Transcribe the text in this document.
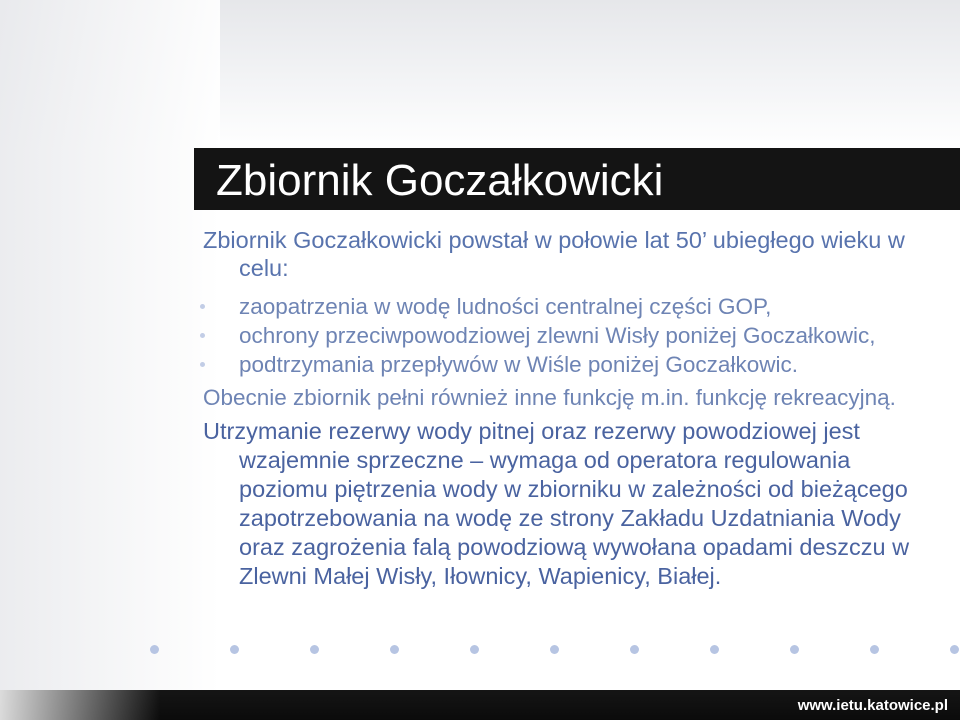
Zbiornik Goczałkowicki

Zbiornik Goczałkowicki powstał w połowie lat 50’ ubiegłego wieku w celu:

zaopatrzenia w wodę ludności centralnej części GOP,
ochrony przeciwpowodziowej zlewni Wisły poniżej Goczałkowic,
podtrzymania przepływów w Wiśle poniżej Goczałkowic.

Obecnie zbiornik pełni również inne funkcję m.in. funkcję rekreacyjną.

Utrzymanie rezerwy wody pitnej oraz rezerwy powodziowej jest wzajemnie sprzeczne – wymaga od operatora regulowania poziomu piętrzenia wody w zbiorniku w zależności od bieżącego zapotrzebowania na wodę ze strony Zakładu Uzdatniania Wody oraz zagrożenia falą powodziową wywołana opadami deszczu w Zlewni Małej Wisły, Iłownicy, Wapienicy, Białej.

www.ietu.katowice.pl
